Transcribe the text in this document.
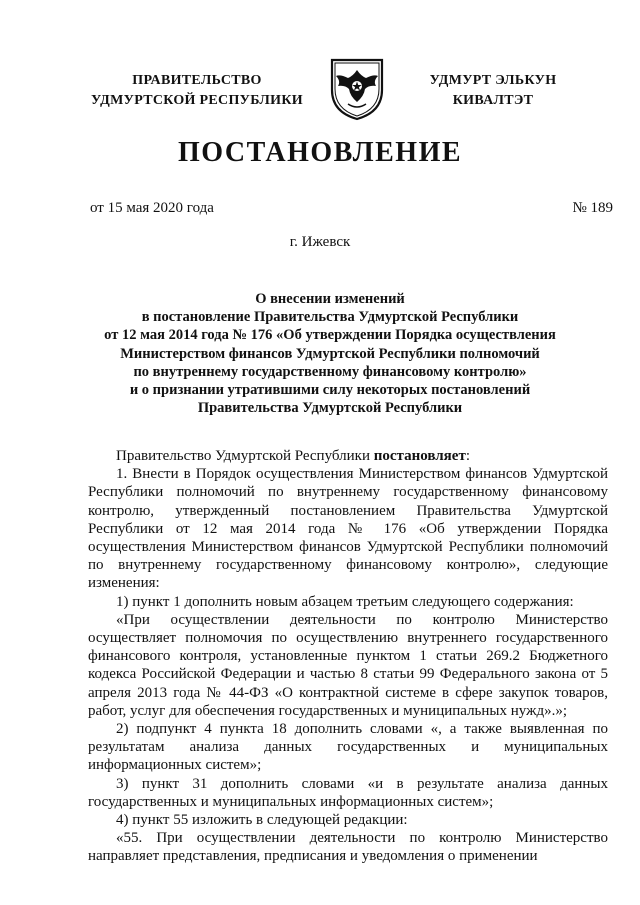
ПРАВИТЕЛЬСТВО
УДМУРТСКОЙ РЕСПУБЛИКИ
УДМУРТ ЭЛЬКУН
КИВАЛТЭТ
ПОСТАНОВЛЕНИЕ
от 15 мая 2020 года	№ 189
г. Ижевск
О внесении изменений
в постановление Правительства Удмуртской Республики
от 12 мая 2014 года № 176 «Об утверждении Порядка осуществления
Министерством финансов Удмуртской Республики полномочий
по внутреннему государственному финансовому контролю»
и о признании утратившими силу некоторых постановлений
Правительства Удмуртской Республики

Правительство Удмуртской Республики постановляет:

1. Внести в Порядок осуществления Министерством финансов Удмуртской Республики полномочий по внутреннему государственному финансовому контролю, утвержденный постановлением Правительства Удмуртской Республики от 12 мая 2014 года № 176 «Об утверждении Порядка осуществления Министерством финансов Удмуртской Республики полномочий по внутреннему государственному финансовому контролю», следующие изменения:

1) пункт 1 дополнить новым абзацем третьим следующего содержания:

«При осуществлении деятельности по контролю Министерство осуществляет полномочия по осуществлению внутреннего государственного финансового контроля, установленные пунктом 1 статьи 269.2 Бюджетного кодекса Российской Федерации и частью 8 статьи 99 Федерального закона от 5 апреля 2013 года № 44-ФЗ «О контрактной системе в сфере закупок товаров, работ, услуг для обеспечения государственных и муниципальных нужд».»;

2) подпункт 4 пункта 18 дополнить словами «, а также выявленная по результатам анализа данных государственных и муниципальных информационных систем»;

3) пункт 31 дополнить словами «и в результате анализа данных государственных и муниципальных информационных систем»;

4) пункт 55 изложить в следующей редакции:

«55. При осуществлении деятельности по контролю Министерство направляет представления, предписания и уведомления о применении
